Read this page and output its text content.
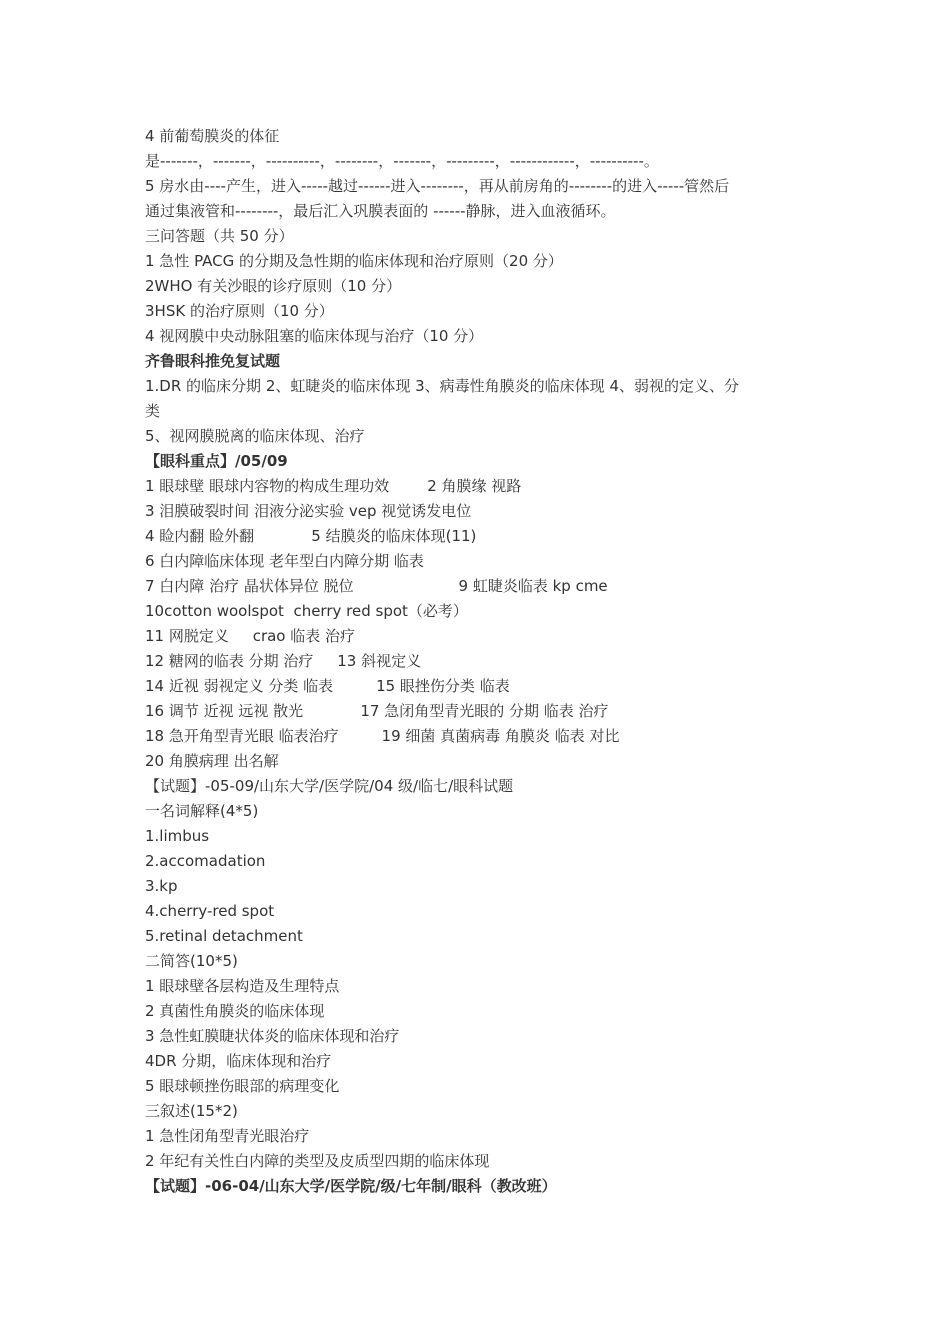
4 前葡萄膜炎的体征
是-------，-------，----------，--------，-------，---------，------------，----------。
5 房水由----产生，进入-----越过------进入--------，再从前房角的--------的进入-----管然后
通过集液管和--------，最后汇入巩膜表面的 ------静脉，进入血液循环。
三问答题（共 50 分）
1 急性 PACG 的分期及急性期的临床体现和治疗原则（20 分）
2WHO 有关沙眼的诊疗原则（10 分）
3HSK 的治疗原则（10 分）
4 视网膜中央动脉阻塞的临床体现与治疗（10 分）
齐鲁眼科推免复试题
1.DR 的临床分期 2、虹睫炎的临床体现 3、病毒性角膜炎的临床体现 4、弱视的定义、分
类
5、视网膜脱离的临床体现、治疗
【眼科重点】/05/09
1 眼球壁 眼球内容物的构成生理功效        2 角膜缘 视路
3 泪膜破裂时间 泪液分泌实验 vep 视觉诱发电位
4 睑内翻 睑外翻            5 结膜炎的临床体现(11)
6 白内障临床体现 老年型白内障分期 临表
7 白内障 治疗 晶状体异位 脱位                      9 虹睫炎临表 kp cme
10cotton woolspot  cherry red spot（必考）
11 网脱定义     crao 临表 治疗
12 糖网的临表 分期 治疗     13 斜视定义
14 近视 弱视定义 分类 临表         15 眼挫伤分类 临表
16 调节 近视 远视 散光            17 急闭角型青光眼的 分期 临表 治疗
18 急开角型青光眼 临表治疗         19 细菌 真菌病毒 角膜炎 临表 对比
20 角膜病理 出名解
【试题】-05-09/山东大学/医学院/04 级/临七/眼科试题
一名词解释(4*5)
1.limbus
2.accomadation
3.kp
4.cherry-red spot
5.retinal detachment
二简答(10*5)
1 眼球壁各层构造及生理特点
2 真菌性角膜炎的临床体现
3 急性虹膜睫状体炎的临床体现和治疗
4DR 分期，临床体现和治疗
5 眼球顿挫伤眼部的病理变化
三叙述(15*2)
1 急性闭角型青光眼治疗
2 年纪有关性白内障的类型及皮质型四期的临床体现
【试题】-06-04/山东大学/医学院/级/七年制/眼科（教改班）
